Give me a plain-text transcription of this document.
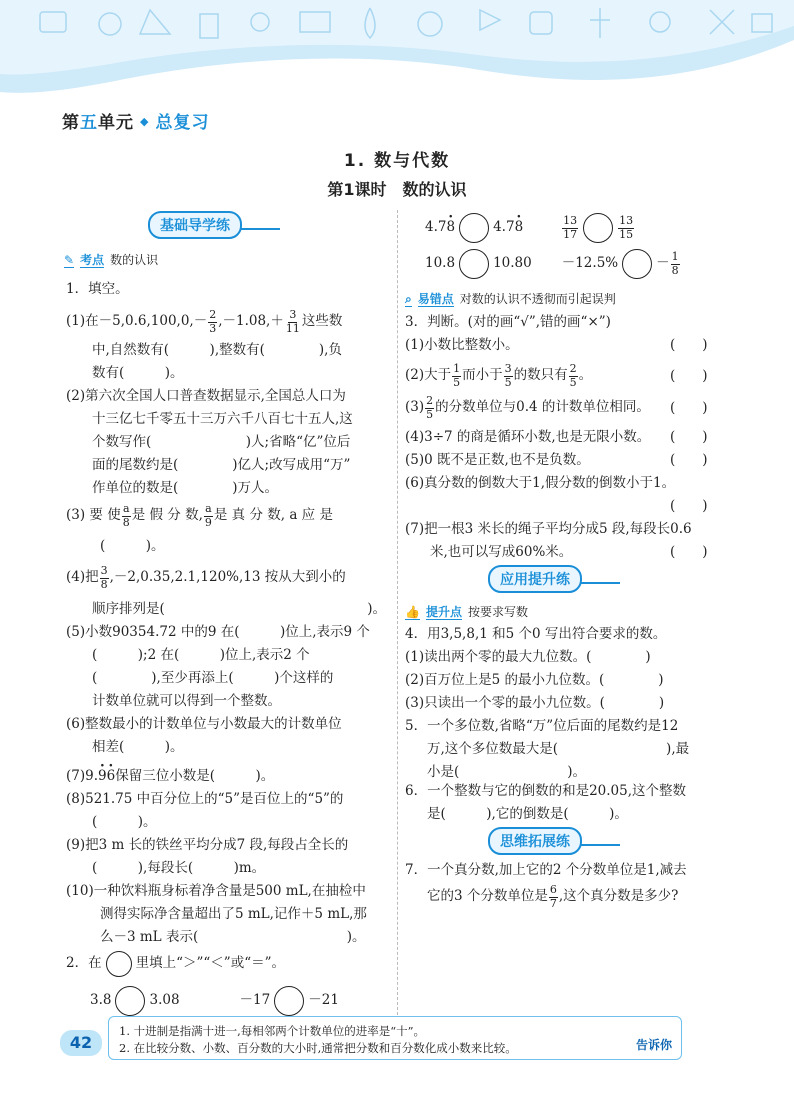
第五单元 ◆ 总复习
1. 数与代数
第1课时　数的认识
基础导学练
✎ 考点 数的认识
1．填空。
(1)在$-5,0.6,100,0,- \frac{2}{3} ,-1.08,+ \frac{3}{11}$ 这些数
中,自然数有(　　　),整数有(　　　　),负
数有(　　　)。
(2)第六次全国人口普查数据显示,全国总人口为
十三亿七千零五十三万六千八百七十五人,这
个数写作(　　　　　　　)人;省略“亿”位后
面的尾数约是(　　　　)亿人;改写成用“万”
作单位的数是(　　　　)万人。
(3) 要 使 $\frac{a}{8}$ 是 假 分 数, $\frac{a}{9}$ 是 真 分 数, a 应 是
(　　　)。
(4)把 $\frac{3}{8} ,-2,0.35,2.1,120\%,13$ 按从大到小的
顺序排列是(　　　　　　　　　　　　　　　)。
(5)小数90354.72 中的9 在(　　　)位上,表示9 个
(　　　);2 在(　　　)位上,表示2 个
(　　　　),至少再添上(　　　)个这样的
计数单位就可以得到一个整数。
(6)整数最小的计数单位与小数最大的计数单位
相差(　　　)。
(7)9.9 ·6 ·保留三位小数是(　　　)。
(8)521.75 中百分位上的“5”是百位上的“5”的
(　　　)。
(9)把3 m 长的铁丝平均分成7 段,每段占全长的
(　　　),每段长(　　　)m。
(10)一种饮料瓶身标着净含量是500 mL,在抽检中
测得实际净含量超出了5 mL,记作＋5 mL,那
么－3 mL 表示(　　　　　　　　　　　)。
2．在	里填上“＞”“＜”或“＝”。
3.8	3.08	－17	－21
4.7 8 ·	4.7 8 ·	$\frac{13}{17}$	$\frac{13}{15}$
10.8	10.80 －12.5%	－ $\frac{1}{8}$
⌕ 易错点 对数的认识不透彻而引起误判
3．判断。(对的画“√”,错的画“×”)
(1)小数比整数小。	(　　)
(2)大于 $\frac{1}{5}$ 而小于 $\frac{3}{5}$ 的数只有 $\frac{2}{5}$ 。	(　　)
$(3) \frac{2}{5}$ 的分数单位与0.4 的计数单位相同。 (　　)
(4)3÷7 的商是循环小数,也是无限小数。 (　　)
(5)0 既不是正数,也不是负数。	(　　)
(6)真分数的倒数大于1,假分数的倒数小于1。
(　　)
(7)把一根3 米长的绳子平均分成5 段,每段长0.6
米,也可以写成60%米。	(　　)
应用提升练
👍 提升点 按要求写数
4．用3,5,8,1 和5 个0 写出符合要求的数。
(1)读出两个零的最大九位数。(　　　　)
(2)百万位上是5 的最小九位数。(　　　　)
(3)只读出一个零的最小九位数。(　　　　)
5．一个多位数,省略“万”位后面的尾数约是12
万,这个多位数最大是(　　　　　　　　),最
小是(　　　　　　　　)。
6．一个整数与它的倒数的和是20.05,这个整数
是(　　　),它的倒数是(　　　)。
思维拓展练
7．一个真分数,加上它的2 个分数单位是1,减去
它的3 个分数单位是 $\frac{6}{7}$ ,这个真分数是多少?
42
1. 十进制是指满十进一,每相邻两个计数单位的进率是“十”。
2. 在比较分数、小数、百分数的大小时,通常把分数和百分数化成小数来比较。	告诉你
